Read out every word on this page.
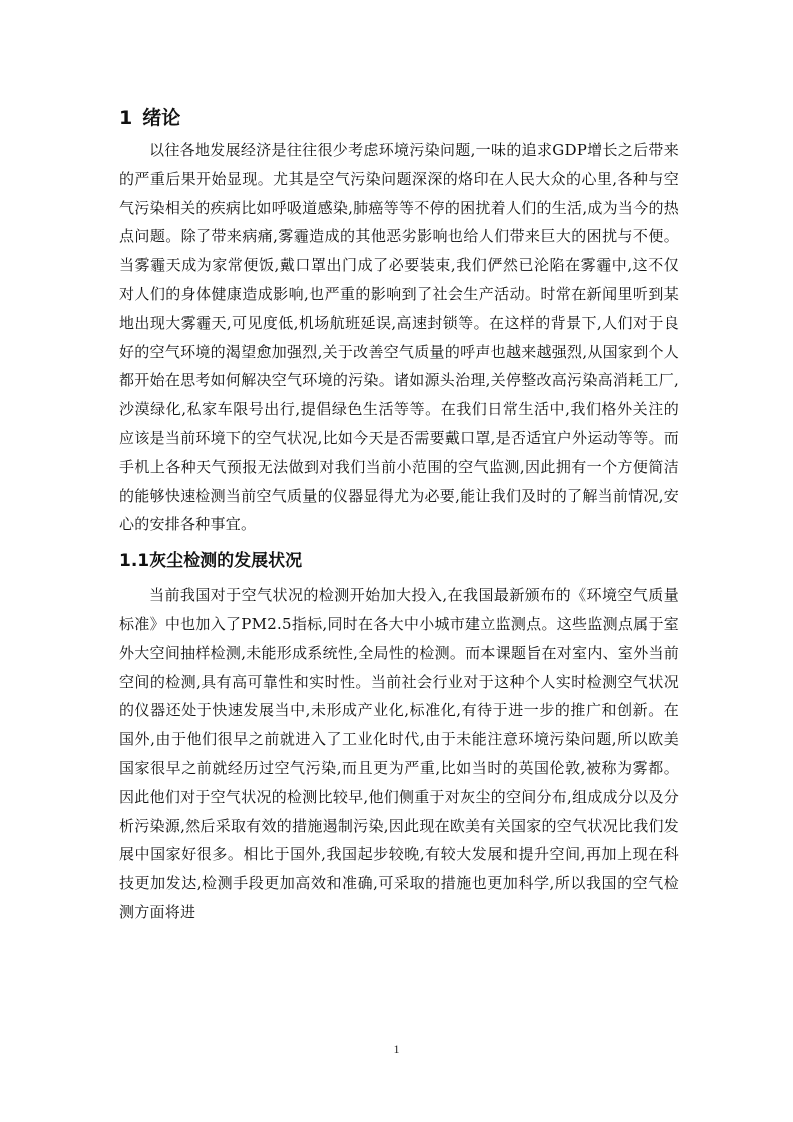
1 绪论

以往各地发展经济是往往很少考虑环境污染问题,一味的追求GDP增长之后带来的严重后果开始显现。尤其是空气污染问题深深的烙印在人民大众的心里,各种与空气污染相关的疾病比如呼吸道感染,肺癌等等不停的困扰着人们的生活,成为当今的热点问题。除了带来病痛,雾霾造成的其他恶劣影响也给人们带来巨大的困扰与不便。当雾霾天成为家常便饭,戴口罩出门成了必要装束,我们俨然已沦陷在雾霾中,这不仅对人们的身体健康造成影响,也严重的影响到了社会生产活动。时常在新闻里听到某地出现大雾霾天,可见度低,机场航班延误,高速封锁等。在这样的背景下,人们对于良好的空气环境的渴望愈加强烈,关于改善空气质量的呼声也越来越强烈,从国家到个人都开始在思考如何解决空气环境的污染。诸如源头治理,关停整改高污染高消耗工厂,沙漠绿化,私家车限号出行,提倡绿色生活等等。在我们日常生活中,我们格外关注的应该是当前环境下的空气状况,比如今天是否需要戴口罩,是否适宜户外运动等等。而手机上各种天气预报无法做到对我们当前小范围的空气监测,因此拥有一个方便简洁的能够快速检测当前空气质量的仪器显得尤为必要,能让我们及时的了解当前情况,安心的安排各种事宜。

1.1灰尘检测的发展状况

当前我国对于空气状况的检测开始加大投入,在我国最新颁布的《环境空气质量标准》中也加入了PM2.5指标,同时在各大中小城市建立监测点。这些监测点属于室外大空间抽样检测,未能形成系统性,全局性的检测。而本课题旨在对室内、室外当前空间的检测,具有高可靠性和实时性。当前社会行业对于这种个人实时检测空气状况的仪器还处于快速发展当中,未形成产业化,标准化,有待于进一步的推广和创新。在国外,由于他们很早之前就进入了工业化时代,由于未能注意环境污染问题,所以欧美国家很早之前就经历过空气污染,而且更为严重,比如当时的英国伦敦,被称为雾都。因此他们对于空气状况的检测比较早,他们侧重于对灰尘的空间分布,组成成分以及分析污染源,然后采取有效的措施遏制污染,因此现在欧美有关国家的空气状况比我们发展中国家好很多。相比于国外,我国起步较晚,有较大发展和提升空间,再加上现在科技更加发达,检测手段更加高效和准确,可采取的措施也更加科学,所以我国的空气检测方面将进

1
